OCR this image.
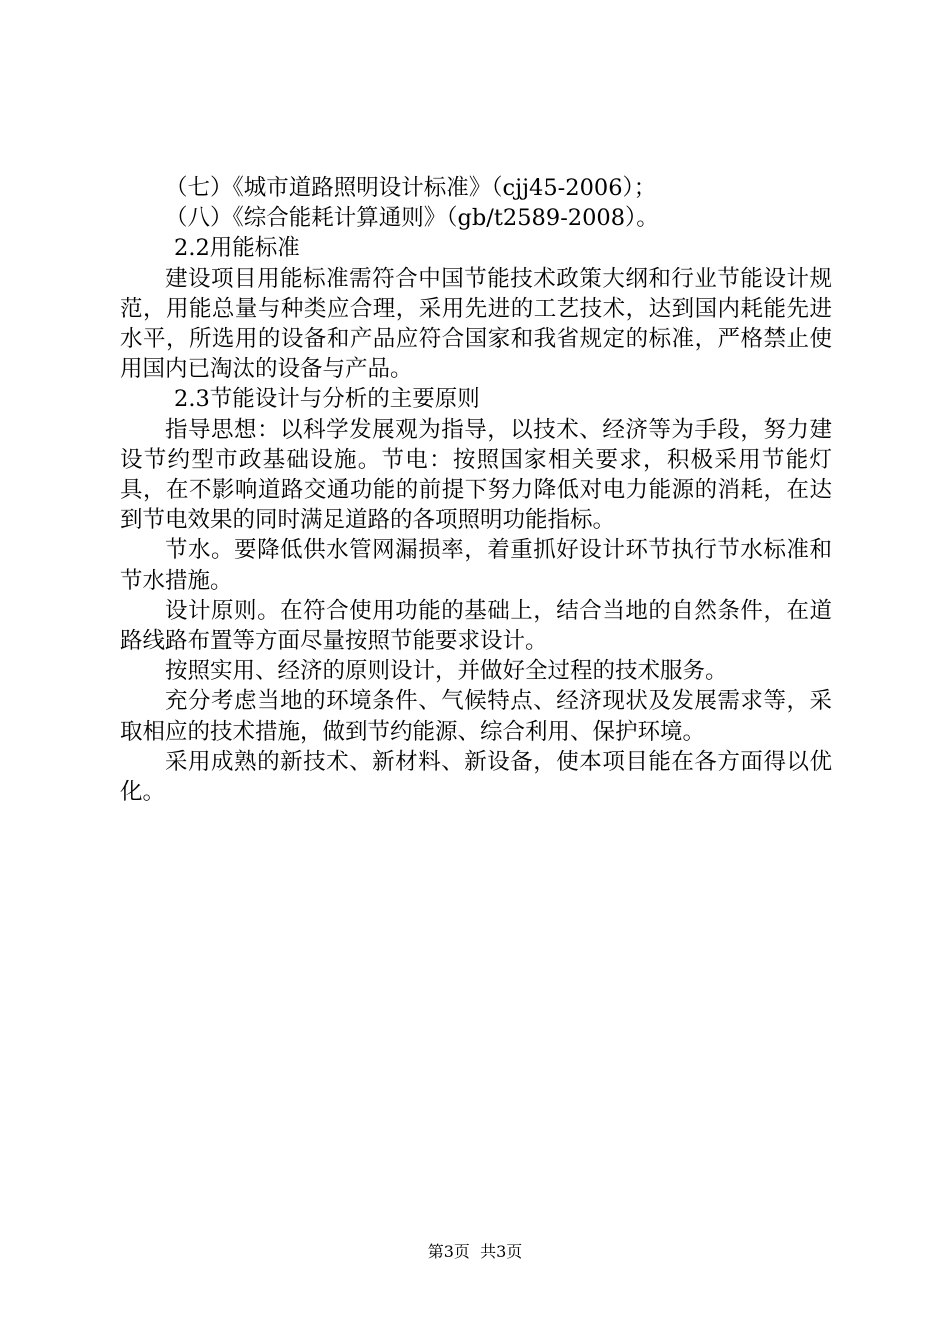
（七）《城市道路照明设计标准》（cjj45-2006）；

（八）《综合能耗计算通则》（gb/t2589-2008）。

2.2用能标准

建设项目用能标准需符合中国节能技术政策大纲和行业节能设计规范，用能总量与种类应合理，采用先进的工艺技术，达到国内耗能先进水平，所选用的设备和产品应符合国家和我省规定的标准，严格禁止使用国内已淘汰的设备与产品。

2.3节能设计与分析的主要原则

指导思想：以科学发展观为指导，以技术、经济等为手段，努力建设节约型市政基础设施。节电：按照国家相关要求，积极采用节能灯具，在不影响道路交通功能的前提下努力降低对电力能源的消耗，在达到节电效果的同时满足道路的各项照明功能指标。

节水。要降低供水管网漏损率，着重抓好设计环节执行节水标准和节水措施。

设计原则。在符合使用功能的基础上，结合当地的自然条件，在道路线路布置等方面尽量按照节能要求设计。

按照实用、经济的原则设计，并做好全过程的技术服务。

充分考虑当地的环境条件、气候特点、经济现状及发展需求等，采取相应的技术措施，做到节约能源、综合利用、保护环境。

采用成熟的新技术、新材料、新设备，使本项目能在各方面得以优化。

第3页  共3页
